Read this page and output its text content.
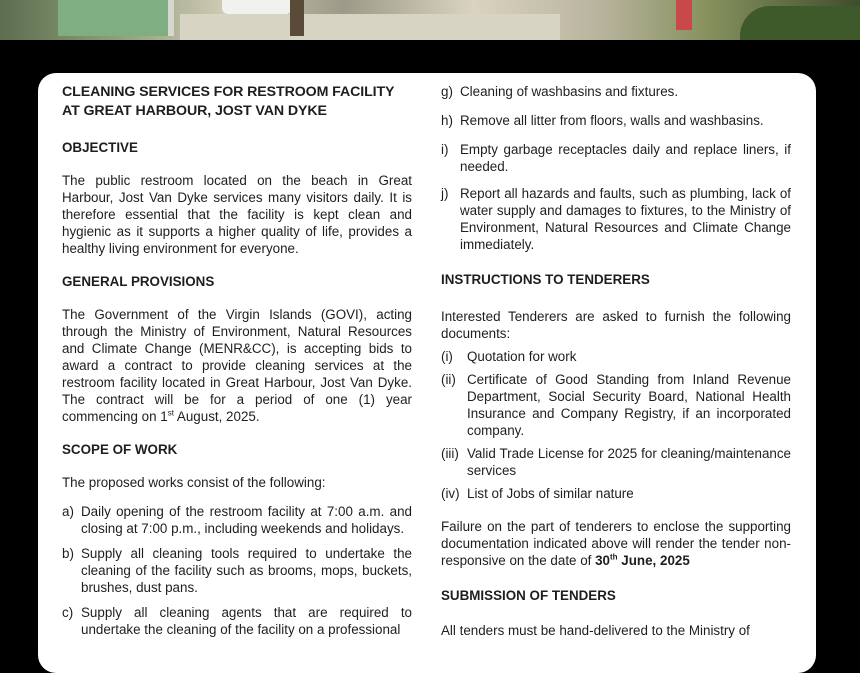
CLEANING SERVICES FOR RESTROOM FACILITY AT GREAT HARBOUR, JOST VAN DYKE
OBJECTIVE

The public restroom located on the beach in Great Harbour, Jost Van Dyke services many visitors daily. It is therefore essential that the facility is kept clean and hygienic as it supports a higher quality of life, provides a healthy living environment for everyone.

GENERAL PROVISIONS

The Government of the Virgin Islands (GOVI), acting through the Ministry of Environment, Natural Resources and Climate Change (MENR&CC), is accepting bids to award a contract to provide cleaning services at the restroom facility located in Great Harbour, Jost Van Dyke. The contract will be for a period of one (1) year commencing on 1st August, 2025.

SCOPE OF WORK

The proposed works consist of the following:

a) Daily opening of the restroom facility at 7:00 a.m. and closing at 7:00 p.m., including weekends and holidays.
b) Supply all cleaning tools required to undertake the cleaning of the facility such as brooms, mops, buckets, brushes, dust pans.
c) Supply all cleaning agents that are required to undertake the cleaning of the facility on a professional
g) Cleaning of washbasins and fixtures.
h) Remove all litter from floors, walls and washbasins.
i) Empty garbage receptacles daily and replace liners, if needed.
j) Report all hazards and faults, such as plumbing, lack of water supply and damages to fixtures, to the Ministry of Environment, Natural Resources and Climate Change immediately.
INSTRUCTIONS TO TENDERERS

Interested Tenderers are asked to furnish the following documents:

(i)	Quotation for work
(ii) Certificate of Good Standing from Inland Revenue Department, Social Security Board, National Health Insurance and Company Registry, if an incorporated company.
(iii) Valid Trade License for 2025 for cleaning/maintenance services
(iv) List of Jobs of similar nature

Failure on the part of tenderers to enclose the supporting documentation indicated above will render the tender non-responsive on the date of 30th June, 2025

SUBMISSION OF TENDERS

All tenders must be hand-delivered to the Ministry of
